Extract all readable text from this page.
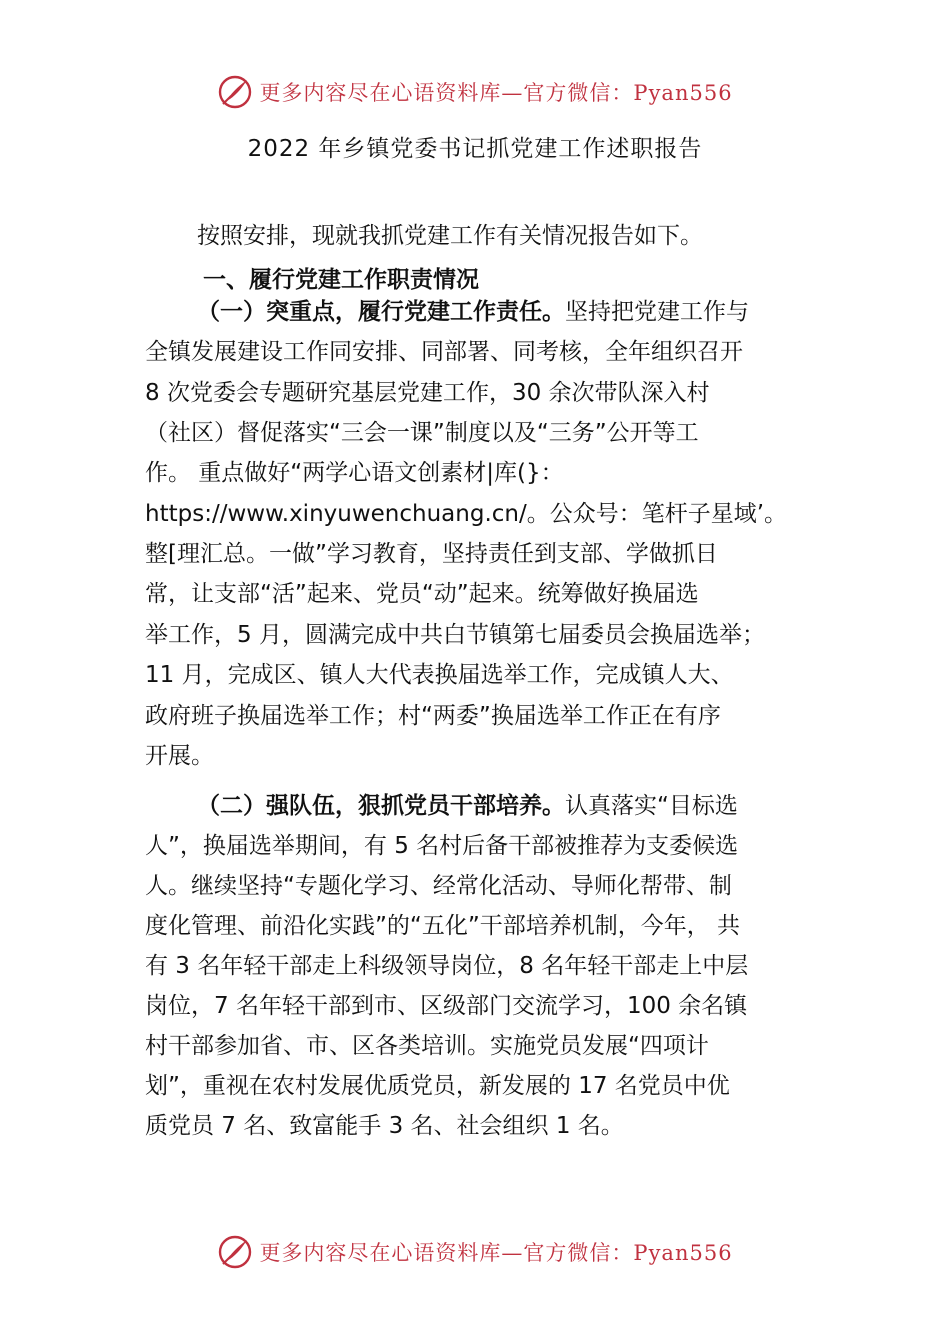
更多内容尽在心语资料库—官方微信：Pyan556
2022 年乡镇党委书记抓党建工作述职报告
按照安排，现就我抓党建工作有关情况报告如下。
一、履行党建工作职责情况
（一）突重点，履行党建工作责任。坚持把党建工作与
全镇发展建设工作同安排、同部署、同考核，全年组织召开
8 次党委会专题研究基层党建工作，30 余次带队深入村
（社区）督促落实“三会一课”制度以及“三务”公开等工
作。 重点做好“两学心语文创素材|库(}：
https://www.xinyuwenchuang.cn/。公众号：笔杆子星域’。
整[理汇总。一做”学习教育，坚持责任到支部、学做抓日
常，让支部“活”起来、党员“动”起来。统筹做好换届选
举工作，5 月，圆满完成中共白节镇第七届委员会换届选举；
11 月，完成区、镇人大代表换届选举工作，完成镇人大、
政府班子换届选举工作；村“两委”换届选举工作正在有序
开展。
（二）强队伍，狠抓党员干部培养。认真落实“目标选
人”，换届选举期间，有 5 名村后备干部被推荐为支委候选
人。继续坚持“专题化学习、经常化活动、导师化帮带、制
度化管理、前沿化实践”的“五化”干部培养机制，今年， 共
有 3 名年轻干部走上科级领导岗位，8 名年轻干部走上中层
岗位，7 名年轻干部到市、区级部门交流学习，100 余名镇
村干部参加省、市、区各类培训。实施党员发展“四项计
划”，重视在农村发展优质党员，新发展的 17 名党员中优
质党员 7 名、致富能手 3 名、社会组织 1 名。
更多内容尽在心语资料库—官方微信：Pyan556
